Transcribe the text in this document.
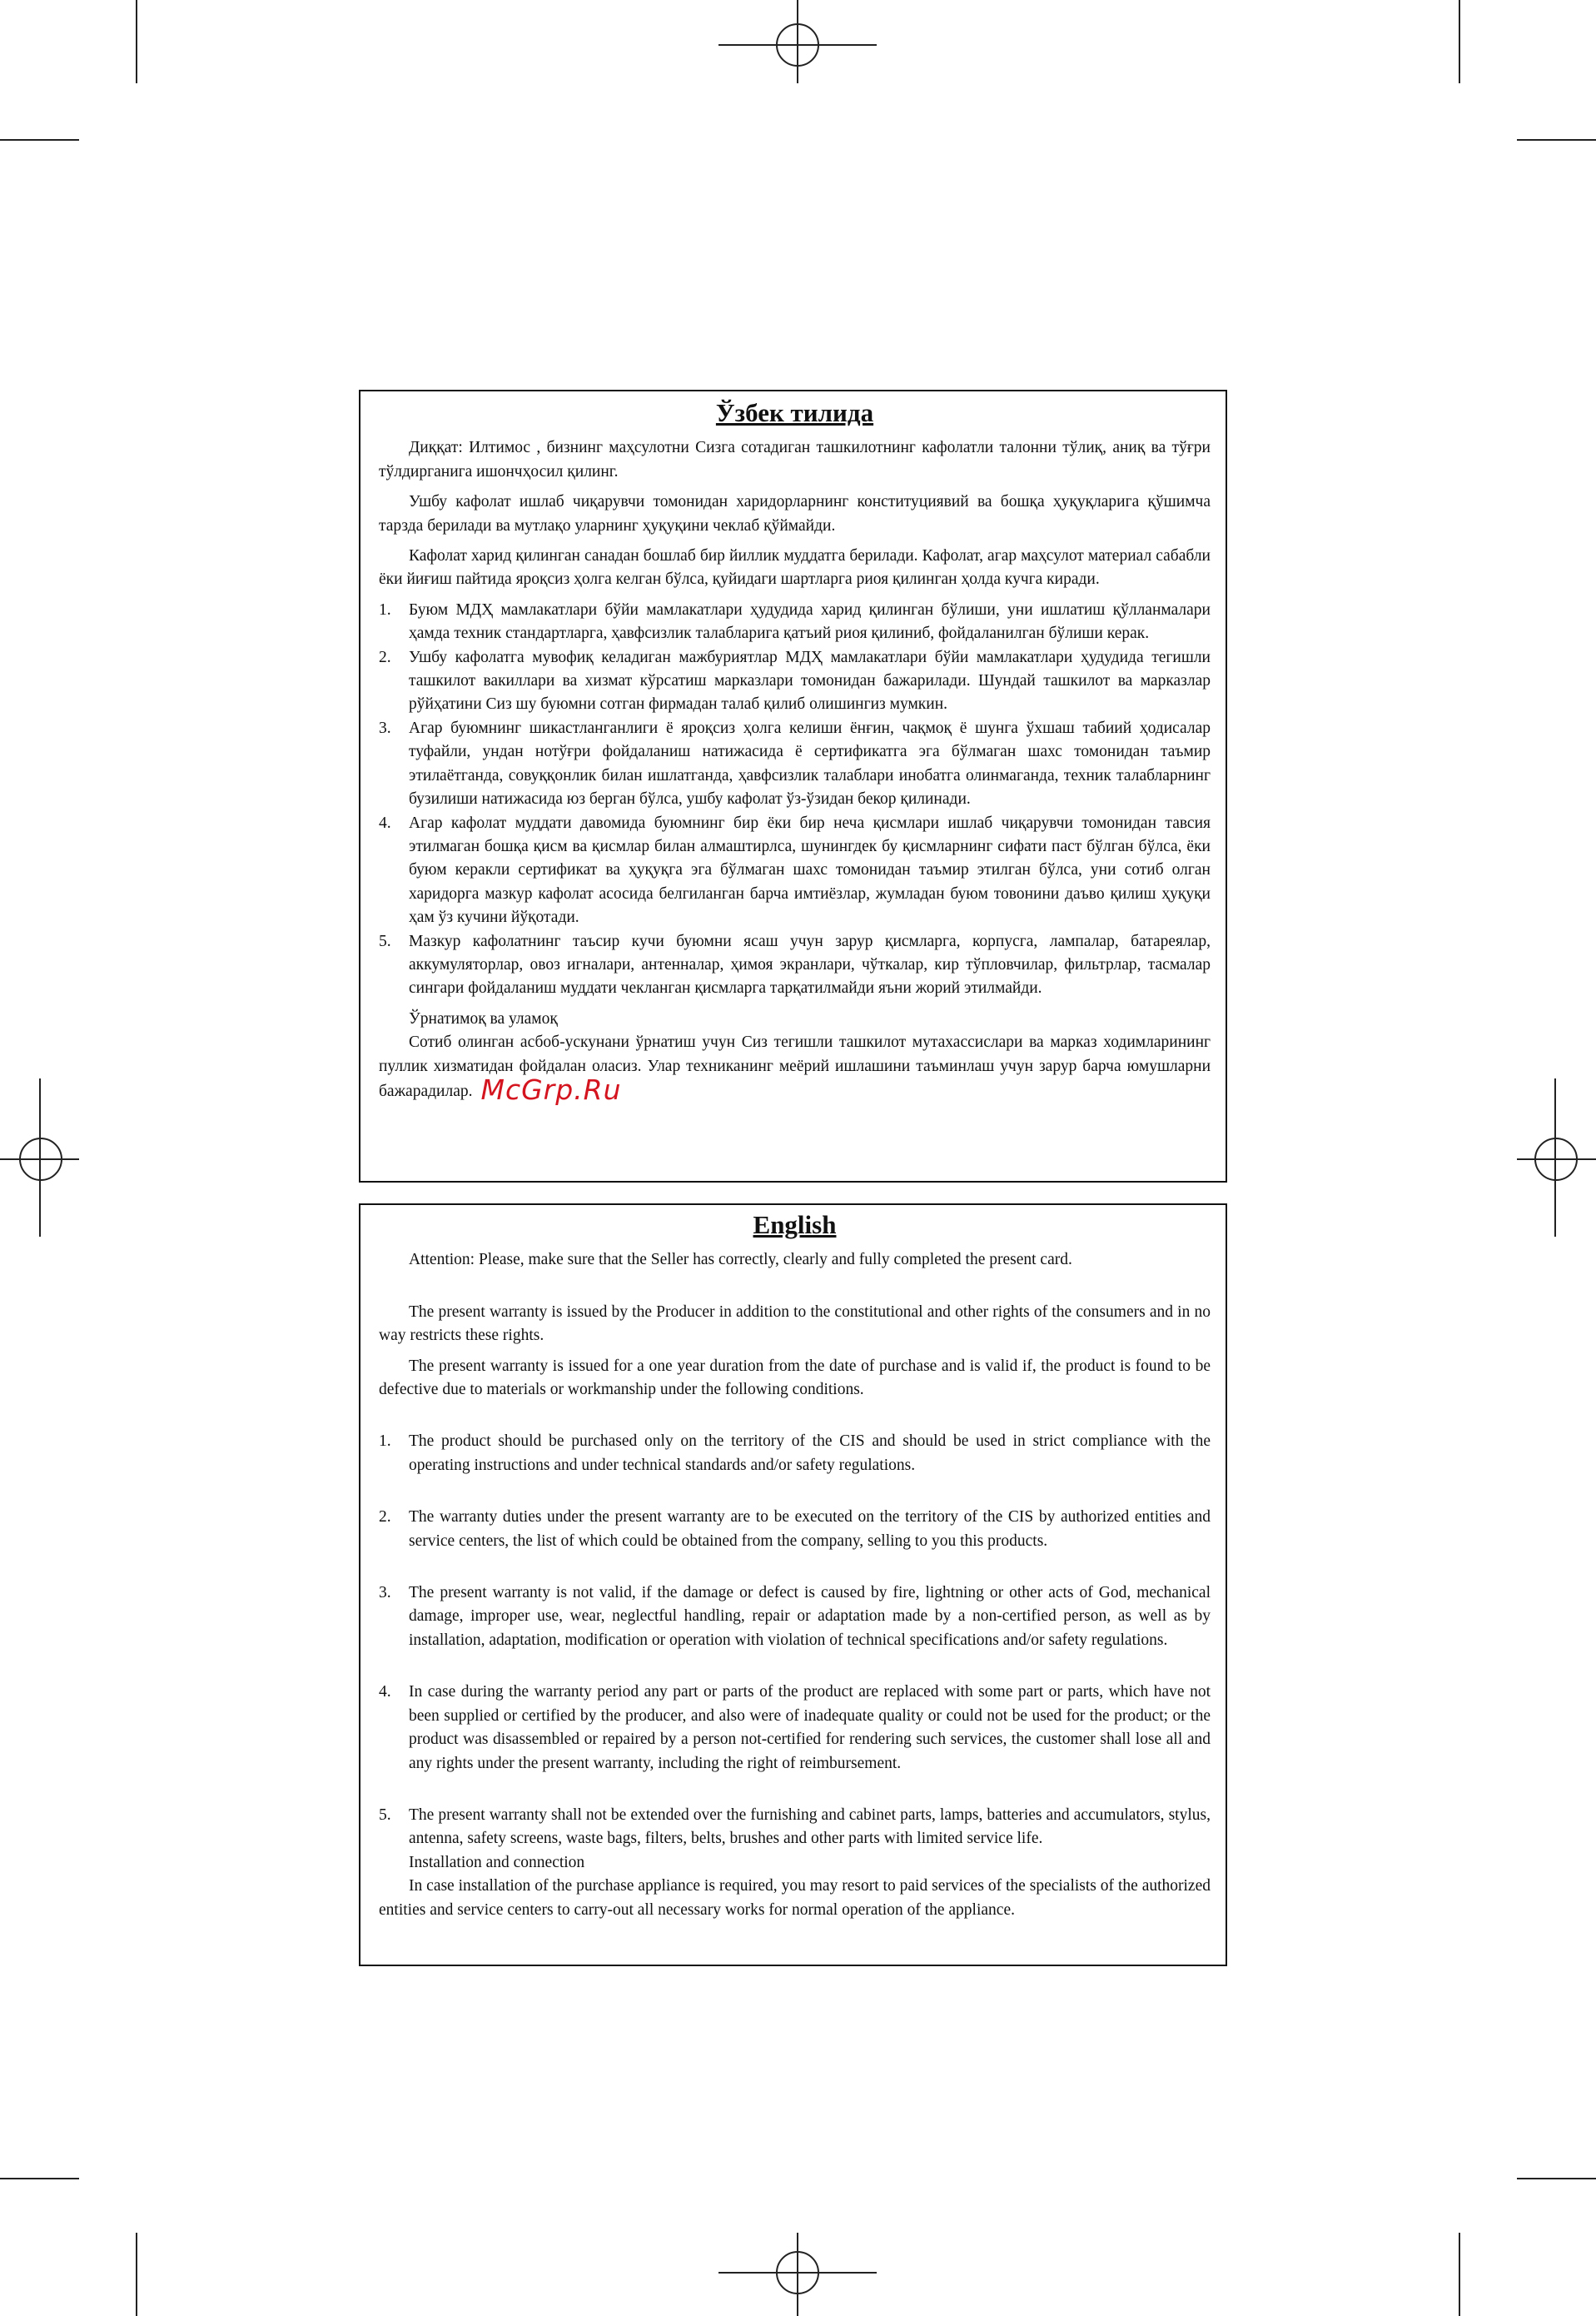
Ўзбек тилида

Диққат: Илтимос , бизнинг маҳсулотни Сизга сотадиган ташкилотнинг кафолатли талонни тўлиқ, аниқ ва тўғри тўлдирганига ишончҳосил қилинг.

Ушбу кафолат ишлаб чиқарувчи томонидан харидорларнинг конституциявий ва бошқа ҳуқуқларига қўшимча тарзда берилади ва мутлақо уларнинг ҳуқуқини чеклаб қўймайди.

Кафолат харид қилинган санадан бошлаб бир йиллик муддатга берилади. Кафолат, агар маҳсулот материал сабабли ёки йиғиш пайтида яроқсиз ҳолга келган бўлса, қуйидаги шартларга риоя қилинган ҳолда кучга киради.

1.	Буюм МДҲ мамлакатлари бўйи мамлакатлари ҳудудида харид қилинган бўлиши, уни ишлатиш қўлланмалари ҳамда техник стандартларга, ҳавфсизлик талабларига қатъий риоя қилиниб, фойдаланилган бўлиши керак.
2.	Ушбу кафолатга мувофиқ келадиган мажбуриятлар МДҲ мамлакатлари бўйи мамлакатлари ҳудудида тегишли ташкилот вакиллари ва хизмат кўрсатиш марказлари томонидан бажарилади. Шундай ташкилот ва марказлар рўйҳатини Сиз шу буюмни сотган фирмадан талаб қилиб олишингиз мумкин.
3.	Агар буюмнинг шикастланганлиги ё яроқсиз ҳолга келиши ёнғин, чақмоқ ё шунга ўхшаш табиий ҳодисалар туфайли, ундан нотўғри фойдаланиш натижасида ё сертификатга эга бўлмаган шахс томонидан таъмир этилаётганда, совуққонлик билан ишлатганда, ҳавфсизлик талаблари инобатга олинмаганда, техник талабларнинг бузилиши натижасида юз берган бўлса, ушбу кафолат ўз-ўзидан бекор қилинади.
4.	Агар кафолат муддати давомида буюмнинг бир ёки бир неча қисмлари ишлаб чиқарувчи томонидан тавсия этилмаган бошқа қисм ва қисмлар билан алмаштирлса, шунингдек бу қисмларнинг сифати паст бўлган бўлса, ёки буюм керакли сертификат ва ҳуқуқга эга бўлмаган шахс томонидан таъмир этилган бўлса, уни сотиб олган харидорга мазкур кафолат асосида белгиланган барча имтиёзлар, жумладан буюм товонини даъво қилиш ҳуқуқи ҳам ўз кучини йўқотади.
5.	Мазкур кафолатнинг таъсир кучи буюмни ясаш учун зарур қисмларга, корпусга, лампалар, батареялар, аккумуляторлар, овоз игналари, антенналар, ҳимоя экранлари, чўткалар, кир тўпловчилар, фильтрлар, тасмалар сингари фойдаланиш муддати чекланган қисмларга тарқатилмайди яъни жорий этилмайди.

Ўрнатимоқ ва уламоқ

Сотиб олинган асбоб-ускунани ўрнатиш учун Сиз тегишли ташкилот мутахассислари ва марказ ходимларининг пуллик хизматидан фойдалан оласиз. Улар техниканинг меёрий ишлашини таъминлаш учун зарур барча юмушларни бажарадилар. McGrp.Ru

English

Attention: Please, make sure that the Seller has correctly, clearly and fully completed the present card.

The present warranty is issued by the Producer in addition to the constitutional and other rights of the consumers and in no way restricts these rights.

The present warranty is issued for a one year duration from the date of purchase and is valid if, the product is found to be defective due to materials or workmanship under the following conditions.

1.	The product should be purchased only on the territory of the CIS and should be used in strict compliance with the operating instructions and under technical standards and/or safety regulations.
2.	The warranty duties under the present warranty are to be executed on the territory of the CIS by authorized entities and service centers, the list of which could be obtained from the company, selling to you this products.
3.	The present warranty is not valid, if the damage or defect is caused by fire, lightning or other acts of God, mechanical damage, improper use, wear, neglectful handling, repair or adaptation made bу a non-certified person, as well as by installation, adaptation, modification or operation with violation of technical specifications and/or safety regulations.
4.	In case during the warranty period any part or parts of the product are replaced with some part or parts, which have not been supplied or certified by the producer, and also were of inadequate quality or could not be used for the product; or the product was disassembled or repaired by a person not-certified for rendering such services, the customer shall lose all and any rights under the present warranty, including the right of reimbursement.
5.	The present warranty shall not be extended over the furnishing and cabinet parts, lamps, batteries and accumulators, stylus, antenna, safety screens, waste bags, filters, belts, brushes and other parts with limited service life.

Installation and connection

In case installation of the purchase appliance is required, you may resort to paid services of the specialists of the authorized entities and service centers to carry-out all necessary works for normal operation of the appliance.
